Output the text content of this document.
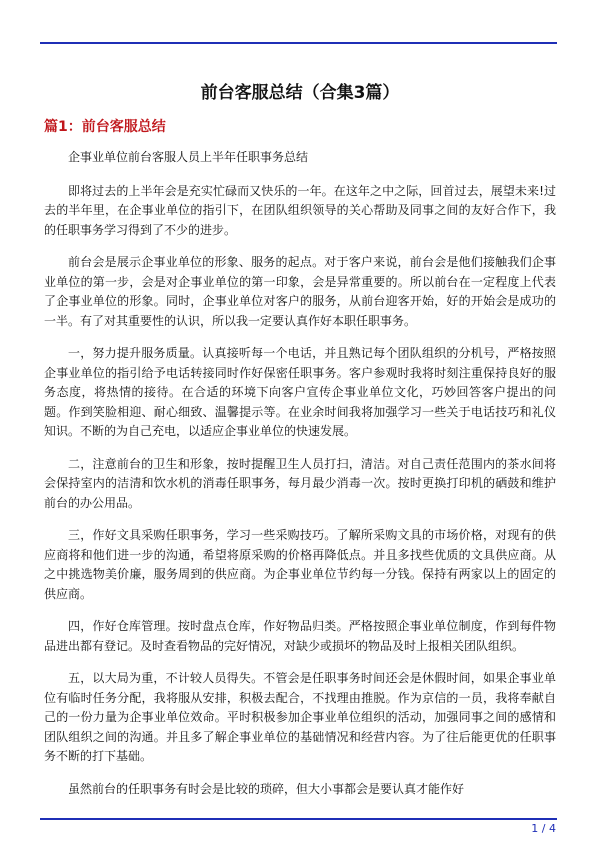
前台客服总结（合集3篇）
篇1：前台客服总结

企事业单位前台客服人员上半年任职事务总结

即将过去的上半年会是充实忙碌而又快乐的一年。在这年之中之际，回首过去，展望未来!过去的半年里，在企事业单位的指引下，在团队组织领导的关心帮助及同事之间的友好合作下，我的任职事务学习得到了不少的进步。

前台会是展示企事业单位的形象、服务的起点。对于客户来说，前台会是他们接触我们企事业单位的第一步，会是对企事业单位的第一印象，会是异常重要的。所以前台在一定程度上代表了企事业单位的形象。同时，企事业单位对客户的服务，从前台迎客开始，好的开始会是成功的一半。有了对其重要性的认识，所以我一定要认真作好本职任职事务。

一，努力提升服务质量。认真接听每一个电话，并且熟记每个团队组织的分机号，严格按照企事业单位的指引给予电话转接同时作好保密任职事务。客户参观时我将时刻注重保持良好的服务态度，将热情的接待。在合适的环境下向客户宣传企事业单位文化，巧妙回答客户提出的问题。作到笑脸相迎、耐心细致、温馨提示等。在业余时间我将加强学习一些关于电话技巧和礼仪知识。不断的为自己充电，以适应企事业单位的快速发展。

二，注意前台的卫生和形象，按时提醒卫生人员打扫，清洁。对自己责任范围内的茶水间将会保持室内的洁清和饮水机的消毒任职事务，每月最少消毒一次。按时更换打印机的硒鼓和维护前台的办公用品。

三，作好文具采购任职事务，学习一些采购技巧。了解所采购文具的市场价格，对现有的供应商将和他们进一步的沟通，希望将原采购的价格再降低点。并且多找些优质的文具供应商。从之中挑选物美价廉，服务周到的供应商。为企事业单位节约每一分钱。保持有两家以上的固定的供应商。

四，作好仓库管理。按时盘点仓库，作好物品归类。严格按照企事业单位制度，作到每件物品进出都有登记。及时查看物品的完好情况，对缺少或损坏的物品及时上报相关团队组织。

五，以大局为重，不计较人员得失。不管会是任职事务时间还会是休假时间，如果企事业单位有临时任务分配，我将服从安排，积极去配合，不找理由推脱。作为京信的一员，我将奉献自己的一份力量为企事业单位效命。平时积极参加企事业单位组织的活动，加强同事之间的感情和团队组织之间的沟通。并且多了解企事业单位的基础情况和经营内容。为了往后能更优的任职事务不断的打下基础。

虽然前台的任职事务有时会是比较的琐碎，但大小事都会是要认真才能作好

1 / 4
